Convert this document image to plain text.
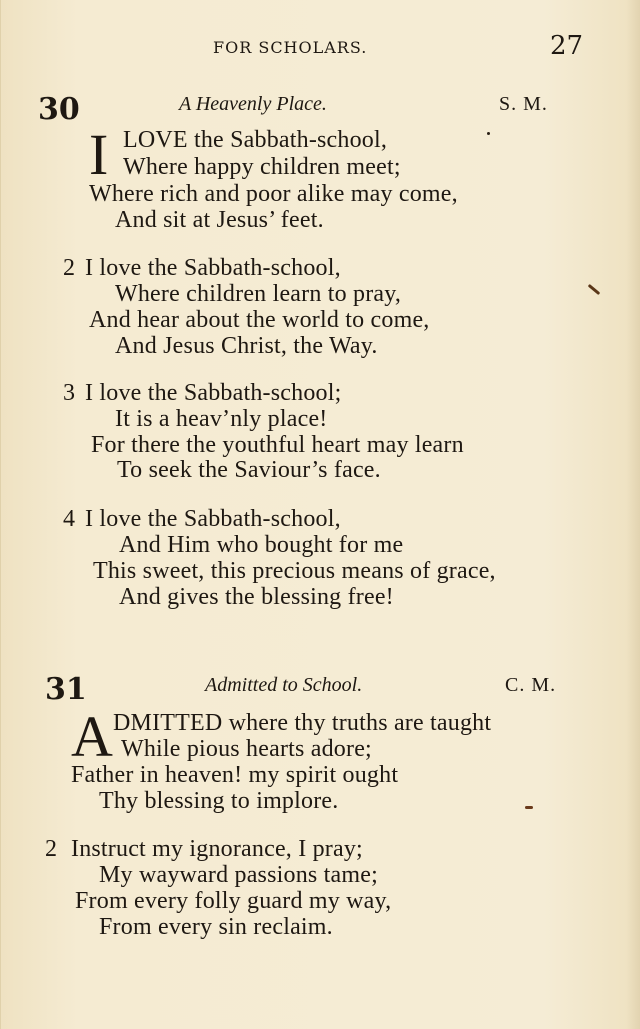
FOR SCHOLARS.	27
30	A Heavenly Place.	S. M.
I LOVE the Sabbath-school,
Where happy children meet;
Where rich and poor alike may come,
And sit at Jesus’ feet.
2 I love the Sabbath-school,
Where children learn to pray,
And hear about the world to come,
And Jesus Christ, the Way.
3 I love the Sabbath-school;
It is a heav’nly place!
For there the youthful heart may learn
To seek the Saviour’s face.
4 I love the Sabbath-school,
And Him who bought for me
This sweet, this precious means of grace,
And gives the blessing free!
31	Admitted to School.	C. M.
A DMITTED where thy truths are taught
While pious hearts adore;
Father in heaven! my spirit ought
Thy blessing to implore.
2 Instruct my ignorance, I pray;
My wayward passions tame;
From every folly guard my way,
From every sin reclaim.
